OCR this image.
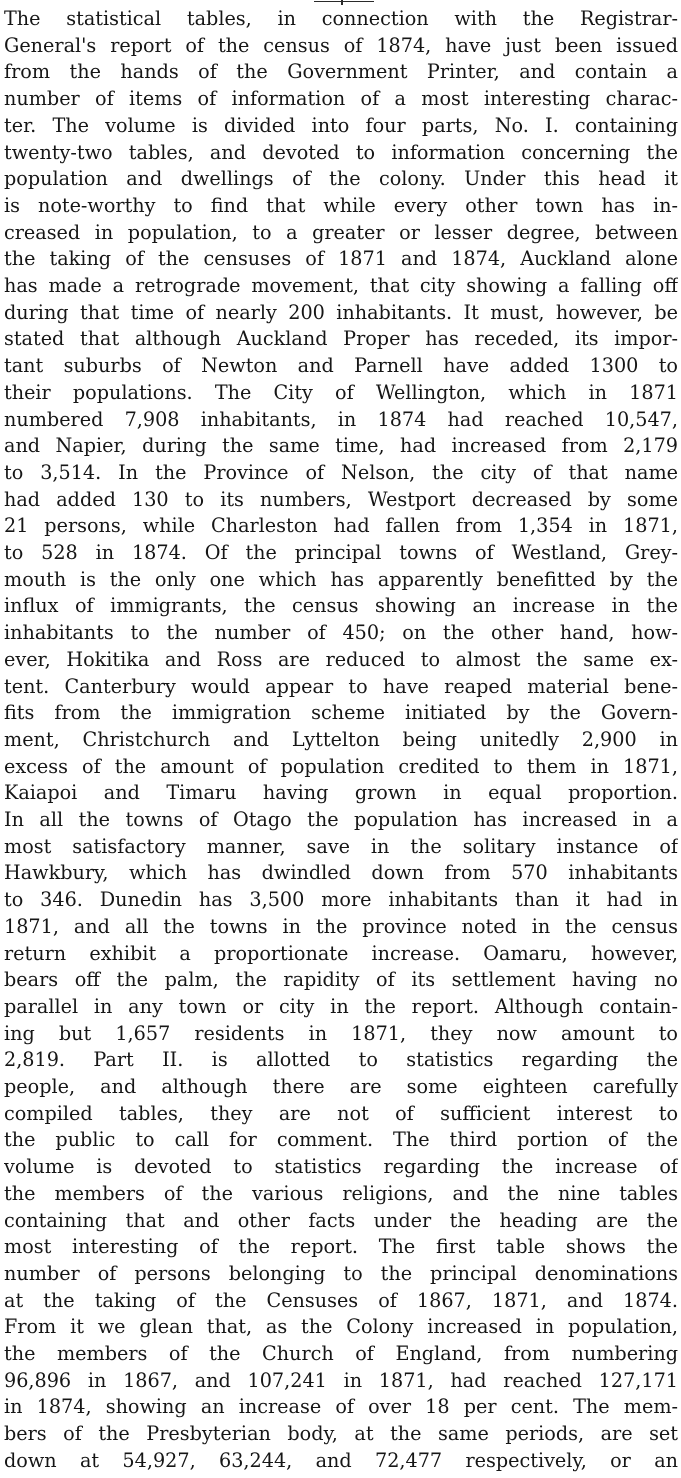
The statistical tables, in connection with the Registrar-
General's report of the census of 1874, have just been issued
from the hands of the Government Printer, and contain a
number of items of information of a most interesting charac-
ter. The volume is divided into four parts, No. I. containing
twenty-two tables, and devoted to information concerning the
population and dwellings of the colony. Under this head it
is note-worthy to find that while every other town has in-
creased in population, to a greater or lesser degree, between
the taking of the censuses of 1871 and 1874, Auckland alone
has made a retrograde movement, that city showing a falling off
during that time of nearly 200 inhabitants. It must, however, be
stated that although Auckland Proper has receded, its impor-
tant suburbs of Newton and Parnell have added 1300 to
their populations. The City of Wellington, which in 1871
numbered 7,908 inhabitants, in 1874 had reached 10,547,
and Napier, during the same time, had increased from 2,179
to 3,514. In the Province of Nelson, the city of that name
had added 130 to its numbers, Westport decreased by some
21 persons, while Charleston had fallen from 1,354 in 1871,
to 528 in 1874. Of the principal towns of Westland, Grey-
mouth is the only one which has apparently benefitted by the
influx of immigrants, the census showing an increase in the
inhabitants to the number of 450; on the other hand, how-
ever, Hokitika and Ross are reduced to almost the same ex-
tent. Canterbury would appear to have reaped material bene-
fits from the immigration scheme initiated by the Govern-
ment, Christchurch and Lyttelton being unitedly 2,900 in
excess of the amount of population credited to them in 1871,
Kaiapoi and Timaru having grown in equal proportion.
In all the towns of Otago the population has increased in a
most satisfactory manner, save in the solitary instance of
Hawkbury, which has dwindled down from 570 inhabitants
to 346. Dunedin has 3,500 more inhabitants than it had in
1871, and all the towns in the province noted in the census
return exhibit a proportionate increase. Oamaru, however,
bears off the palm, the rapidity of its settlement having no
parallel in any town or city in the report. Although contain-
ing but 1,657 residents in 1871, they now amount to
2,819. Part II. is allotted to statistics regarding the
people, and although there are some eighteen carefully
compiled tables, they are not of sufficient interest to
the public to call for comment. The third portion of the
volume is devoted to statistics regarding the increase of
the members of the various religions, and the nine tables
containing that and other facts under the heading are the
most interesting of the report. The first table shows the
number of persons belonging to the principal denominations
at the taking of the Censuses of 1867, 1871, and 1874.
From it we glean that, as the Colony increased in population,
the members of the Church of England, from numbering
96,896 in 1867, and 107,241 in 1871, had reached 127,171
in 1874, showing an increase of over 18 per cent. The mem-
bers of the Presbyterian body, at the same periods, are set
down at 54,927, 63,244, and 72,477 respectively, or an
